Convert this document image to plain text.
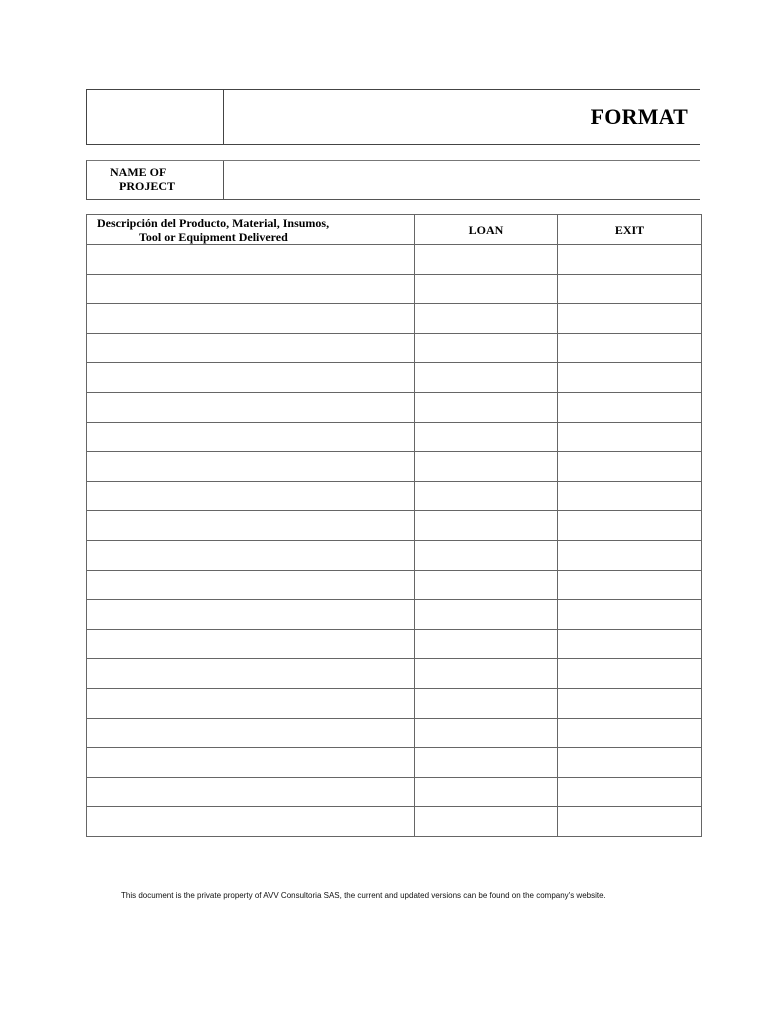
FORMAT
NAME OF
PROJECT
Descripción del Producto, Material, Insumos,
Tool or Equipment Delivered	LOAN	EXIT

This document is the private property of AVV Consultoria SAS, the current and updated versions can be found on the company's website.
